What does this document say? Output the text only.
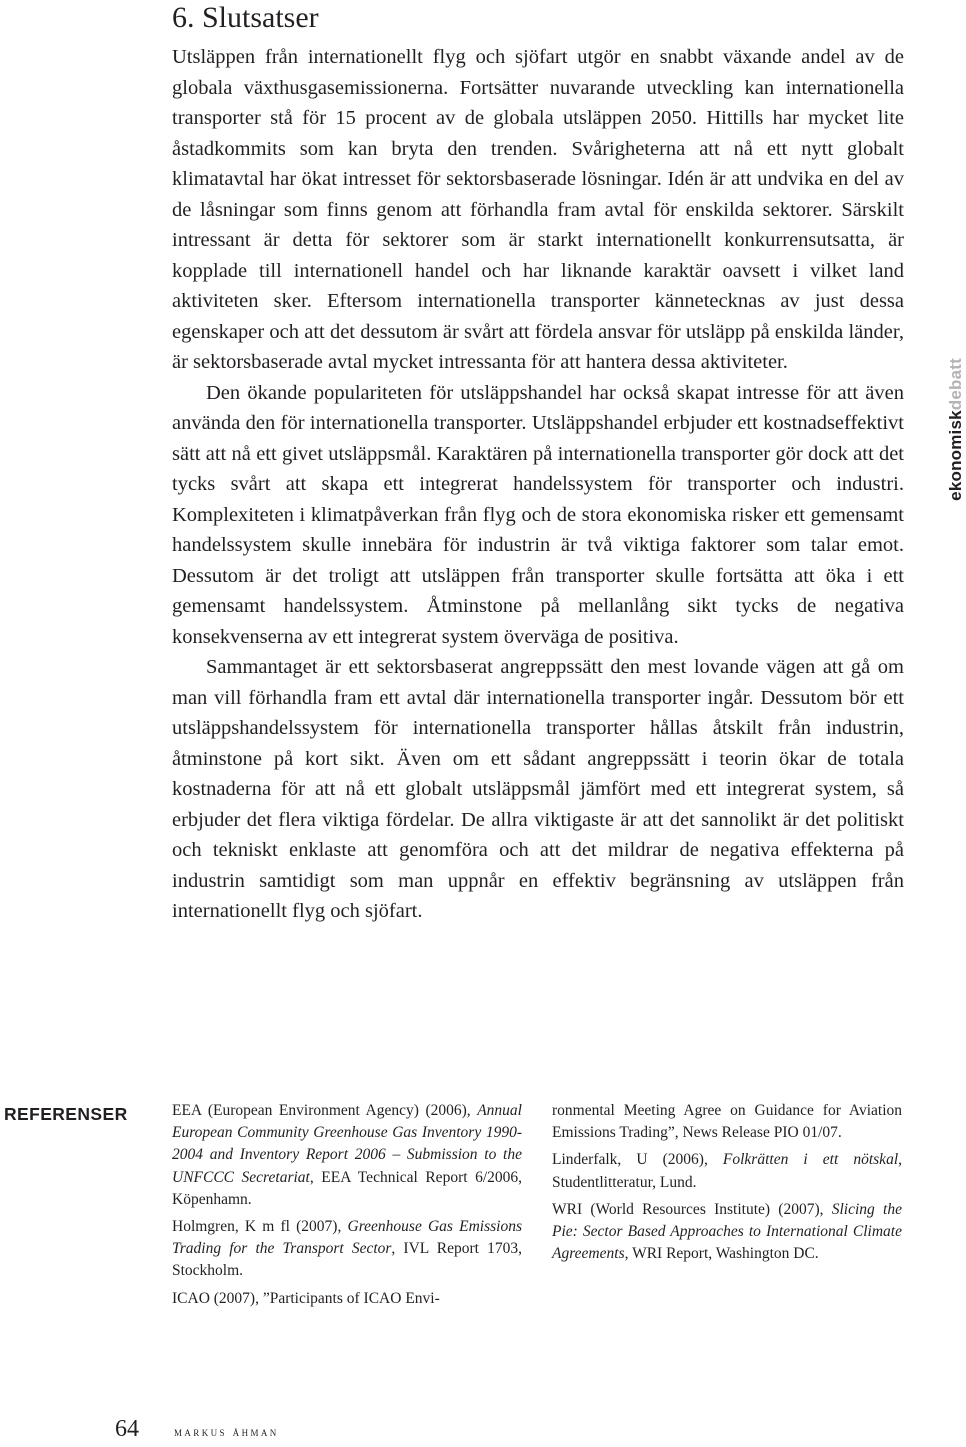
6. Slutsatser

Utsläppen från internationellt flyg och sjöfart utgör en snabbt växande andel av de globala växthusgasemissionerna. Fortsätter nuvarande utveckling kan internationella transporter stå för 15 procent av de globala utsläppen 2050. Hittills har mycket lite åstadkommits som kan bryta den trenden. Svårigheterna att nå ett nytt globalt klimatavtal har ökat intresset för sektorsbaserade lösningar. Idén är att undvika en del av de låsningar som finns genom att förhandla fram avtal för enskilda sektorer. Särskilt intressant är detta för sektorer som är starkt internationellt konkurrensutsatta, är kopplade till internationell handel och har liknande karaktär oavsett i vilket land aktiviteten sker. Eftersom internationella transporter kännetecknas av just dessa egenskaper och att det dessutom är svårt att fördela ansvar för utsläpp på enskilda länder, är sektorsbaserade avtal mycket intressanta för att hantera dessa aktiviteter.

Den ökande populariteten för utsläppshandel har också skapat intresse för att även använda den för internationella transporter. Utsläppshandel erbjuder ett kostnadseffektivt sätt att nå ett givet utsläppsmål. Karaktären på internationella transporter gör dock att det tycks svårt att skapa ett integrerat handelssystem för transporter och industri. Komplexiteten i klimatpåverkan från flyg och de stora ekonomiska risker ett gemensamt handelssystem skulle innebära för industrin är två viktiga faktorer som talar emot. Dessutom är det troligt att utsläppen från transporter skulle fortsätta att öka i ett gemensamt handelssystem. Åtminstone på mellanlång sikt tycks de negativa konsekvenserna av ett integrerat system överväga de positiva.

Sammantaget är ett sektorsbaserat angreppssätt den mest lovande vägen att gå om man vill förhandla fram ett avtal där internationella transporter ingår. Dessutom bör ett utsläppshandelssystem för internationella transporter hållas åtskilt från industrin, åtminstone på kort sikt. Även om ett sådant angreppssätt i teorin ökar de totala kostnaderna för att nå ett globalt utsläppsmål jämfört med ett integrerat system, så erbjuder det flera viktiga fördelar. De allra viktigaste är att det sannolikt är det politiskt och tekniskt enklaste att genomföra och att det mildrar de negativa effekterna på industrin samtidigt som man uppnår en effektiv begränsning av utsläppen från internationellt flyg och sjöfart.

ekonomiskdebatt
REFERENSER	EEA (European Environment Agency) (2006), Annual European Community Greenhouse Gas Inventory 1990-2004 and Inventory Report 2006 – Submission to the UNFCCC Secretariat, EEA Technical Report 6/2006, Köpenhamn.

Holmgren, K m fl (2007), Greenhouse Gas Emissions Trading for the Transport Sector, IVL Report 1703, Stockholm.

ICAO (2007), ”Participants of ICAO Envi-

ronmental Meeting Agree on Guidance for Aviation Emissions Trading”, News Release PIO 01/07.

Linderfalk, U (2006), Folkrätten i ett nötskal, Studentlitteratur, Lund.

WRI (World Resources Institute) (2007), Slicing the Pie: Sector Based Approaches to International Climate Agreements, WRI Report, Washington DC.

64	markus åhman
